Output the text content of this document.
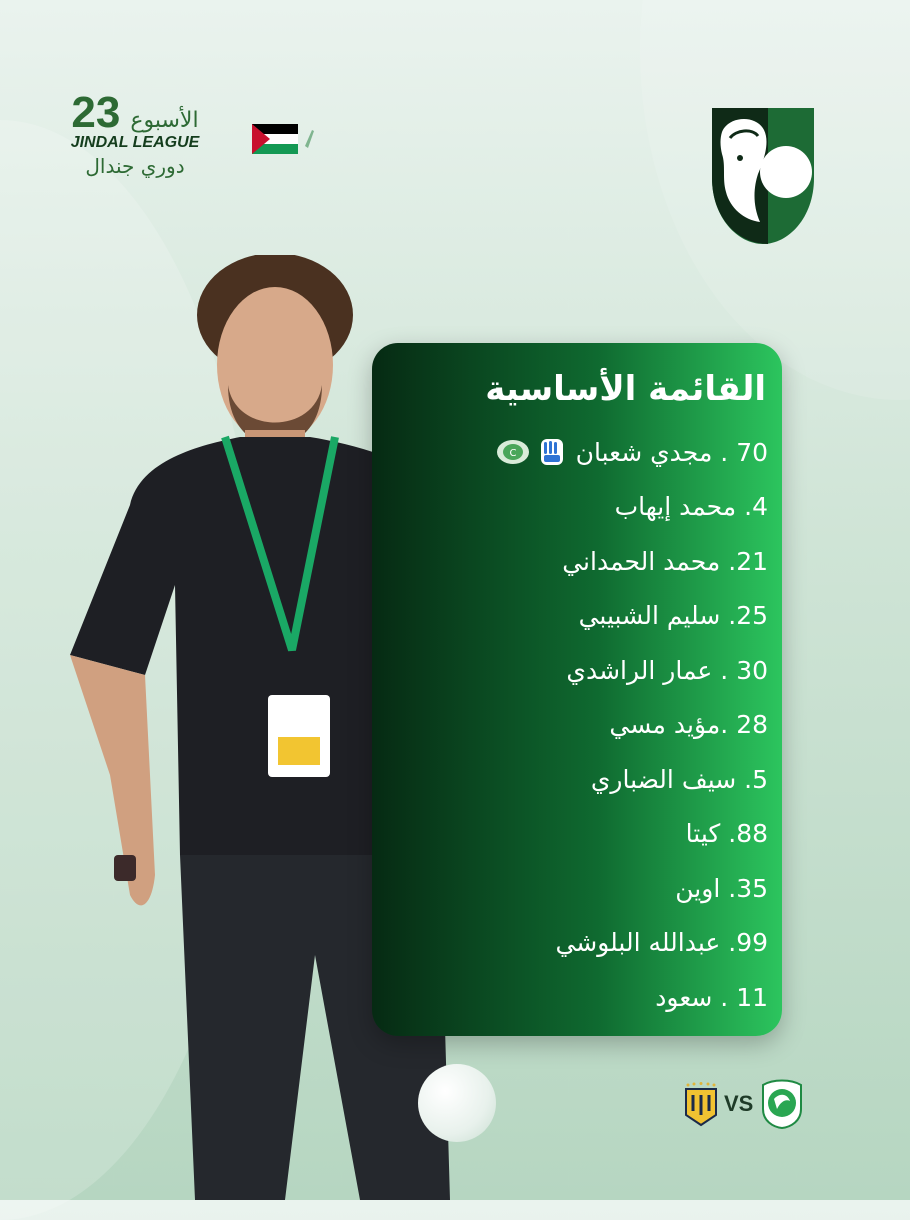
23 الأسبوع
JINDAL LEAGUE
دوري جندال
القائمة الأساسية
C 70 . مجدي شعبان
4. محمد إيهاب
21. محمد الحمداني
25. سليم الشبيبي
30 . عمار الراشدي
28 .مؤيد مسي
5. سيف الضباري
88. كيتا
35. اوين
99. عبدالله البلوشي
11 . سعود
VS
